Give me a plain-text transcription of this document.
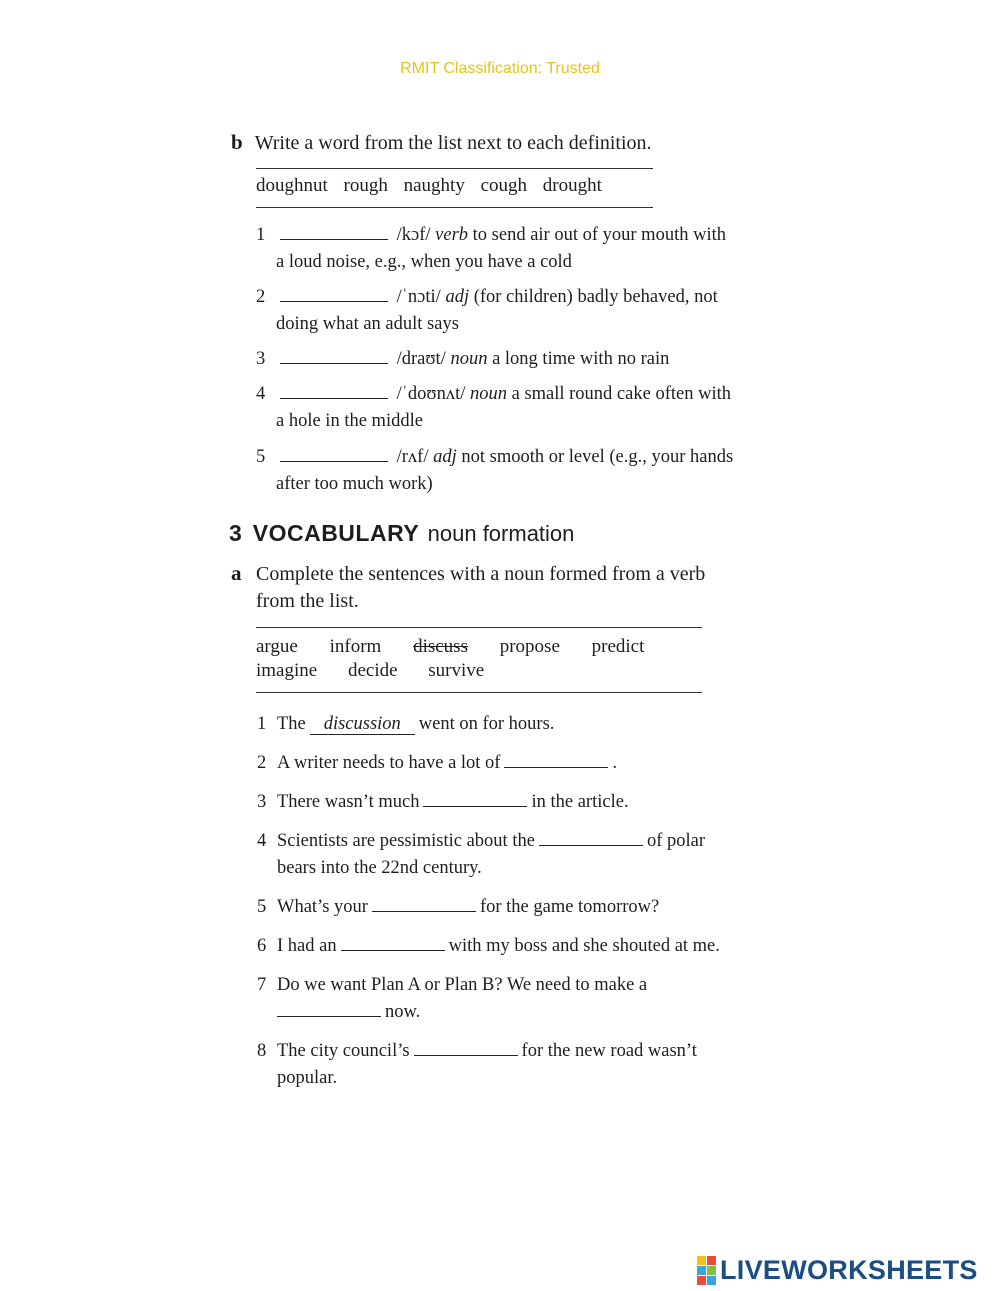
RMIT Classification: Trusted
b Write a word from the list next to each definition.
doughnut rough naughty cough drought
1	/kɔf/ verb to send air out of your mouth with
a loud noise, e.g., when you have a cold
2	/ˈnɔti/ adj (for children) badly behaved, not
doing what an adult says
3	/draʊt/ noun a long time with no rain
4	/ˈdoʊnʌt/ noun a small round cake often with
a hole in the middle
5	/rʌf/ adj not smooth or level (e.g., your hands
after too much work)
3 VOCABULARY noun formation
a Complete the sentences with a noun formed from a verb
from the list.
argue inform discuss propose predict
imagine decide survive
1 The discussion went on for hours.
2 A writer needs to have a lot of	.
3 There wasn’t much	in the article.
4 Scientists are pessimistic about the	of polar
bears into the 22nd century.
5 What’s your	for the game tomorrow?
6 I had an	with my boss and she shouted at me.
7 Do we want Plan A or Plan B? We need to make a
now.
8 The city council’s	for the new road wasn’t
popular.
LIVEWORKSHEETS
